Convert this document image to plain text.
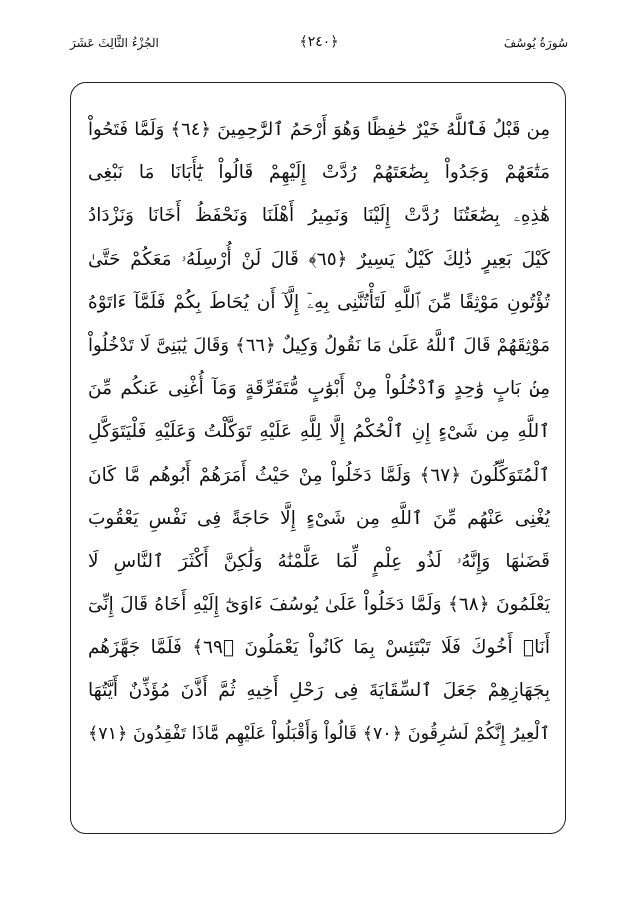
سُورَةُ يُوسُفَ
﴿٢٤٠﴾
الجُزْءُ الثَّالِثَ عَشَرَ
مِن قَبْلُ فَٱللَّهُ خَيْرٌ حَٰفِظًا وَهُوَ أَرْحَمُ ٱلرَّٰحِمِينَ ﴿٦٤﴾ وَلَمَّا فَتَحُواْ
مَتَٰعَهُمْ وَجَدُواْ بِضَٰعَتَهُمْ رُدَّتْ إِلَيْهِمْ قَالُواْ يَٰٓأَبَانَا مَا نَبْغِى
هَٰذِهِۦ بِضَٰعَتُنَا رُدَّتْ إِلَيْنَا وَنَمِيرُ أَهْلَنَا وَنَحْفَظُ أَخَانَا وَنَزْدَادُ
كَيْلَ بَعِيرٍ ذَٰلِكَ كَيْلٌ يَسِيرٌ ﴿٦٥﴾ قَالَ لَنْ أُرْسِلَهُۥ مَعَكُمْ حَتَّىٰ
تُؤْتُونِ مَوْثِقًا مِّنَ ٱللَّهِ لَتَأْتُنَّنِى بِهِۦٓ إِلَّآ أَن يُحَاطَ بِكُمْ فَلَمَّآ ءَاتَوْهُ
مَوْثِقَهُمْ قَالَ ٱللَّهُ عَلَىٰ مَا نَقُولُ وَكِيلٌ ﴿٦٦﴾ وَقَالَ يَٰبَنِىَّ لَا تَدْخُلُواْ
مِنۢ بَابٍ وَٰحِدٍ وَٱدْخُلُواْ مِنْ أَبْوَٰبٍ مُّتَفَرِّقَةٍ وَمَآ أُغْنِى عَنكُم مِّنَ
ٱللَّهِ مِن شَىْءٍ إِنِ ٱلْحُكْمُ إِلَّا لِلَّهِ عَلَيْهِ تَوَكَّلْتُ وَعَلَيْهِ فَلْيَتَوَكَّلِ
ٱلْمُتَوَكِّلُونَ ﴿٦٧﴾ وَلَمَّا دَخَلُواْ مِنْ حَيْثُ أَمَرَهُمْ أَبُوهُم مَّا كَانَ
يُغْنِى عَنْهُم مِّنَ ٱللَّهِ مِن شَىْءٍ إِلَّا حَاجَةً فِى نَفْسِ يَعْقُوبَ
قَضَىٰهَا وَإِنَّهُۥ لَذُو عِلْمٍ لِّمَا عَلَّمْنَٰهُ وَلَٰكِنَّ أَكْثَرَ ٱلنَّاسِ لَا
يَعْلَمُونَ ﴿٦٨﴾ وَلَمَّا دَخَلُواْ عَلَىٰ يُوسُفَ ءَاوَىٰٓ إِلَيْهِ أَخَاهُ قَالَ إِنِّىٓ
أَنَا۠ أَخُوكَ فَلَا تَبْتَئِسْ بِمَا كَانُواْ يَعْمَلُونَ ﴿٦٩﴾ فَلَمَّا جَهَّزَهُم
بِجَهَازِهِمْ جَعَلَ ٱلسِّقَايَةَ فِى رَحْلِ أَخِيهِ ثُمَّ أَذَّنَ مُؤَذِّنٌ أَيَّتُهَا
ٱلْعِيرُ إِنَّكُمْ لَسَٰرِقُونَ ﴿٧٠﴾ قَالُواْ وَأَقْبَلُواْ عَلَيْهِم مَّاذَا تَفْقِدُونَ ﴿٧١﴾
